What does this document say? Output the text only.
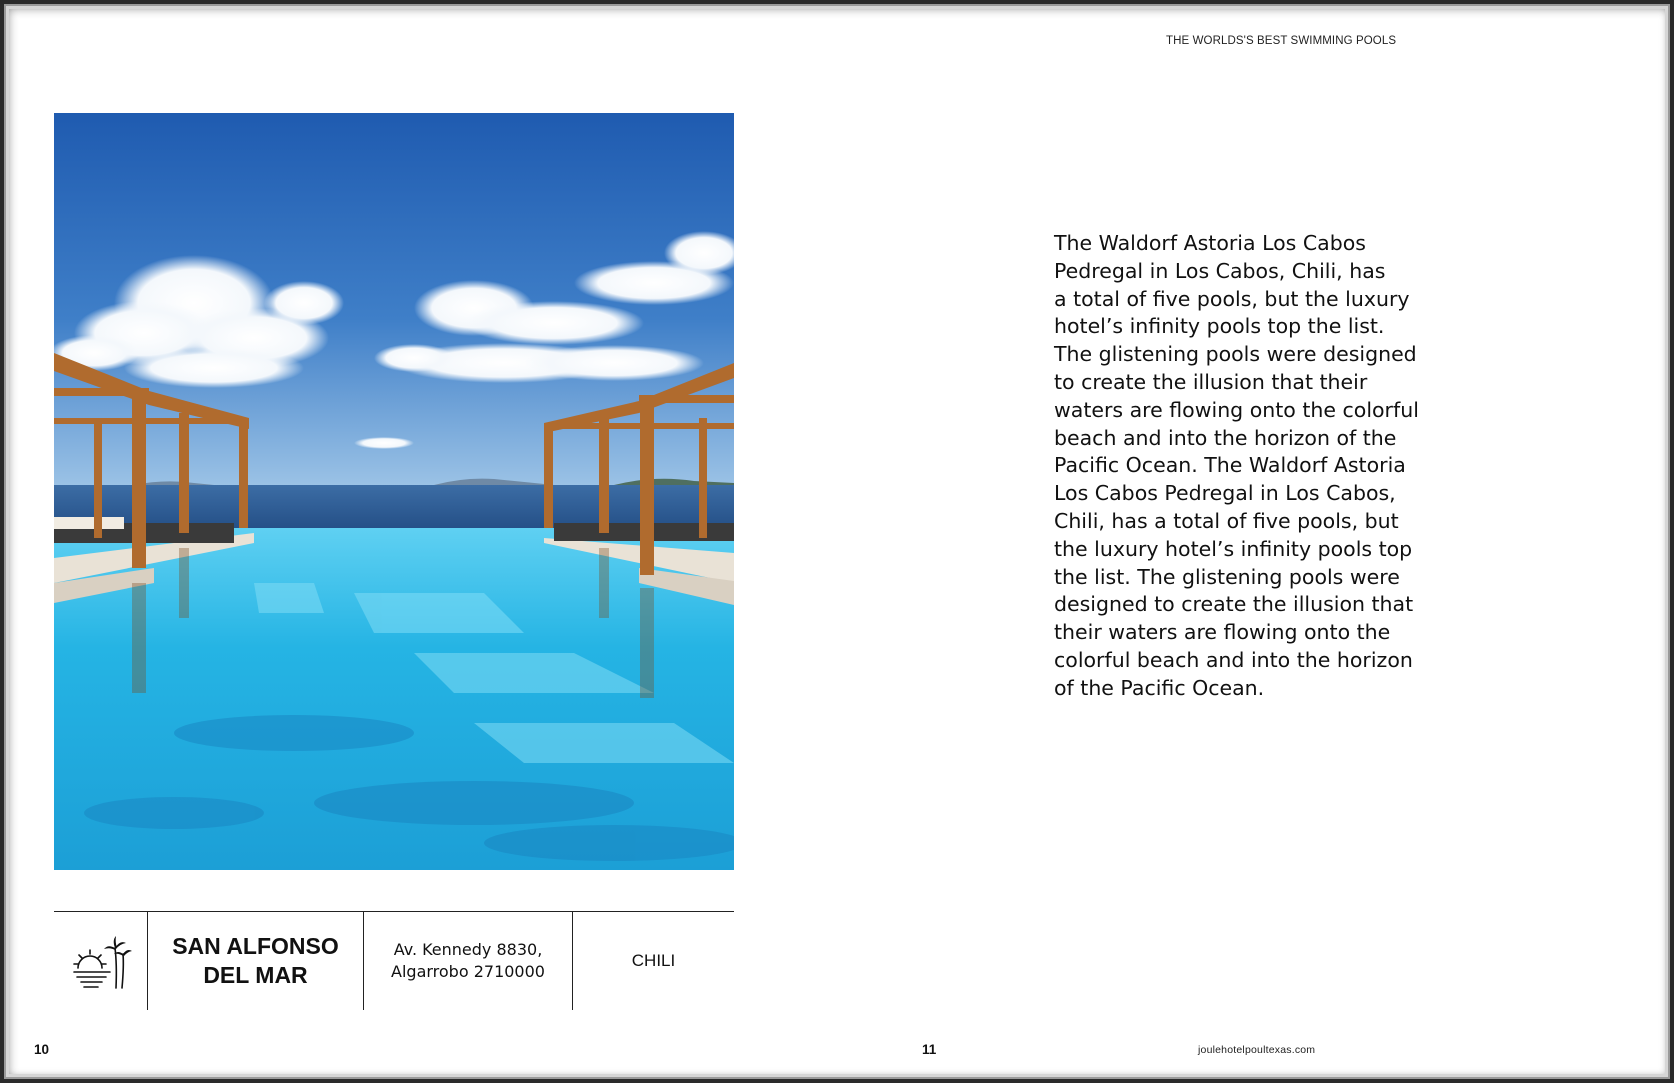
THE WORLDS'S BEST SWIMMING POOLS
SAN ALFONSO
DEL MAR
Av. Kennedy 8830,
Algarrobo 2710000
CHILI
The Waldorf Astoria Los Cabos
Pedregal in Los Cabos, Chili, has
a total of five pools, but the luxury
hotel’s infinity pools top the list.
The glistening pools were designed
to create the illusion that their
waters are flowing onto the colorful
beach and into the horizon of the
Pacific Ocean. The Waldorf Astoria
Los Cabos Pedregal in Los Cabos,
Chili, has a total of five pools, but
the luxury hotel’s infinity pools top
the list. The glistening pools were
designed to create the illusion that
their waters are flowing onto the
colorful beach and into the horizon
of the Pacific Ocean.
10	11	joulehotelpoultexas.com
